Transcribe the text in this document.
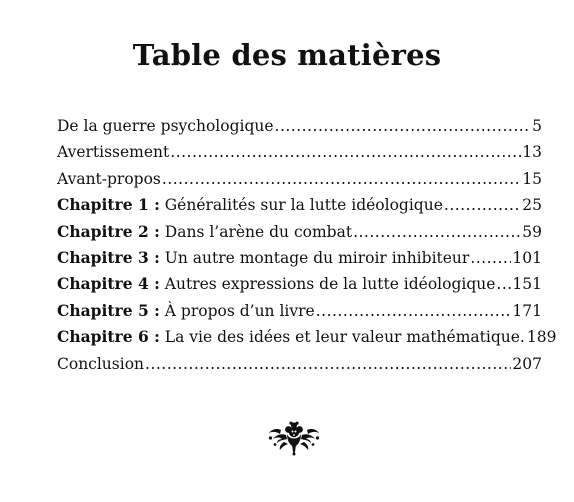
Table des matières
De la guerre psychologique .....	5
Avertissement .....	13
Avant-propos .....	15
Chapitre 1 : Généralités sur la lutte idéologique .....	25
Chapitre 2 : Dans l’arène du combat .....	59
Chapitre 3 : Un autre montage du miroir inhibiteur .....	101
Chapitre 4 : Autres expressions de la lutte idéologique ..... 151
Chapitre 5 : À propos d’un livre .....	171
Chapitre 6 : La vie des idées et leur valeur mathématique. 189
Conclusion .....	207
